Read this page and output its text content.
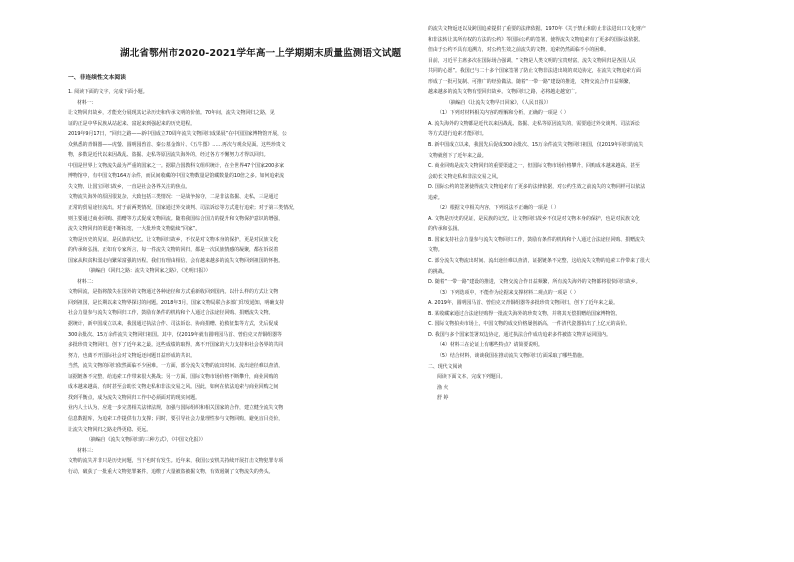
湖北省鄂州市2020-2021学年高一上学期期末质量监测语文试题
一、非连续性文本阅读
1. 阅读下面的文字，完成下面小题。
材料一：
让文物回归故乡，才能充分展现其记录历史和传承文明的价值。70年间，流失文物回归之路，见
证的正是中华民族从站起来、富起来到强起来的历史进程。
2019年9月17日，“回归之路——新中国成立70周年流失文物回归成果展”在中国国家博物馆开展，公
众熟悉的青铜器——虎鎣、圆明园兽首、秦公墓金饰片、《五牛图》……再次与观众见面。这些珍贵文
物，多数是近代以来因战乱、盗掘、走私等原因流失海外的，经过各方不懈努力才得以回归。
中国是世界上文物流失最为严重的国家之一。据联合国教科文组织统计，在全世界47个国家200多家
博物馆中，有中国文物164万余件，而民间收藏的中国文物数量是馆藏数量的10倍之多。如何追索流
失文物、让国宝回归故乡，一直是社会各界关注的焦点。
文物流失海外的原因很复杂，大致包括三类情况：一是战争掠夺，二是非法盗掘、走私，三是通过
正常的贸易途径流出。对于前两类情况，国家通过外交谈判、司法诉讼等方式进行追索；对于第三类情况，
则主要通过商业回购、捐赠等方式促成文物回流。随着我国综合国力的提升和文物保护意识的增强，
流失文物回归的渠道不断拓宽，一大批珍贵文物陆续“回家”。
文物是历史的见证，是民族的记忆。让文物回归故乡，不仅是对文物本身的保护，更是对民族文化
的传承和弘扬。正如有专家所言，每一件流失文物的回归，都是一次民族情感的凝聚，都在诉说着
国家从积贫积弱走向繁荣富强的历程。我们有理由相信，会有越来越多的流失文物回到祖国的怀抱。
（摘编自《回归之路：流失文物回家之路》，《光明日报》）
材料二：
文物回流，是指将散失在国外的文物通过各种途径和方式重新收回到国内。以什么样的方式让文物
回到祖国，是长期以来文物界探讨的问题。2018年3月，国家文物局联合多部门印发通知，明确支持
社会力量参与流失文物回归工作，鼓励有条件的机构和个人通过合法途径回购、捐赠流失文物。
据统计，新中国成立以来，我国通过执法合作、司法诉讼、协商捐赠、抢救征集等方式，先后促成
300余批次、15万余件流失文物回归祖国。其中，仅2019年就有圆明园马首、曾伯克父青铜组器等
多批珍贵文物回归，创下了近年来之最。这些成绩的取得，离不开国家的大力支持和社会各界的共同
努力，也离不开国际社会对文物返还问题日益形成的共识。
当然，流失文物的回归依然面临不少困难。一方面，部分流失文物的流出时间、流出途径难以查清，
证据链条不完整，给追索工作带来很大挑战；另一方面，国际文物市场价格不断攀升，商业回购的
成本越来越高，有时甚至会助长文物走私和非法交易之风。因此，如何在依法追索与商业回购之间
找到平衡点，成为流失文物回归工作中必须面对的现实问题。
业内人士认为，应进一步完善相关法律法规，加强与国际组织和相关国家的合作，建立健全流失文物
信息数据库，为追索工作提供有力支撑；同时，要引导社会力量理性参与文物回购，避免盲目竞价，
让流失文物回归之路走得更稳、更远。
（摘编自《流失文物回归的三种方式》，《中国文化报》）
材料三：
文物的流失并非只是历史问题，当下也时有发生。近年来，我国公安机关持续开展打击文物犯罪专项
行动，破获了一批重大文物犯罪案件，追缴了大量被盗被掘文物，有效遏制了文物流失的势头。
的流失文物返还以及跨国追索提供了重要的法律依据。1970年《关于禁止和防止非法进出口文化财产
和非法转让其所有权的方法的公约》等国际公约的签署，使得流失文物追索有了更多的国际法依据。
但由于公约不具有追溯力，对公约生效之前流失的文物，追索仍然面临不小的困难。
目前，习近平主席多次在国际场合强调，“文物是人类文明的宝贵财富，流失文物回归是各国人民
共同的心愿”。我国已与二十多个国家签署了防止文物非法进出境的双边协定，在流失文物追索方面
形成了一批可复制、可推广的经验做法。随着“一带一路”建设的推进，文物交流合作日益频繁，
越来越多的流失文物有望回归故乡。文物回归之路，必将越走越宽广。
（摘编自《让流失文物早日回家》，《人民日报》）
（1）下列对材料相关内容的理解和分析，正确的一项是（ ）
A. 流失海外的文物都是近代以来因战乱、盗掘、走私等原因流失的，需要通过外交谈判、司法诉讼
等方式进行追索才能回归。
B. 新中国成立以来，我国先后促成300余批次、15万余件流失文物回归祖国，仅2019年回归的流失
文物就创下了近年来之最。
C. 商业回购是流失文物回归的重要渠道之一，但国际文物市场价格攀升，回购成本越来越高，甚至
会助长文物走私和非法交易之风。
D. 国际公约的签署使得流失文物追索有了更多的法律依据，对公约生效之前流失的文物同样可以依法
追索。
（2）根据文中相关内容，下列说法不正确的一项是（ ）
A. 文物是历史的见证，是民族的记忆，让文物回归故乡不仅是对文物本身的保护，也是对民族文化
的传承和弘扬。
B. 国家支持社会力量参与流失文物回归工作，鼓励有条件的机构和个人通过合法途径回购、捐赠流失
文物。
C. 部分流失文物流出时间、流出途径难以查清，证据链条不完整，这给流失文物的追索工作带来了很大
的挑战。
D. 随着“一带一路”建设的推进，文物交流合作日益频繁，所有流失海外的文物都将很快回归故乡。
（3）下列选项中，不能作为论据来支撑材料二观点的一项是（ ）
A. 2019年，圆明园马首、曾伯克父青铜组器等多批珍贵文物回归，创下了近年来之最。
B. 某收藏家通过合法途径购得一批流失海外的珍贵文物，并将其无偿捐赠给国家博物馆。
C. 国际文物拍卖市场上，中国文物的成交价格屡创新高，一件清代瓷器拍出了上亿元的高价。
D. 我国与多个国家签署双边协定，通过执法合作成功追索多件被盗文物并运回国内。
（4）材料三在论证上有哪些特点？请简要说明。
（5）结合材料，谈谈我国在推动流失文物回归方面采取了哪些措施。
二、现代文阅读
阅读下面文本，完成下列题目。
渔 火
舒 婷
